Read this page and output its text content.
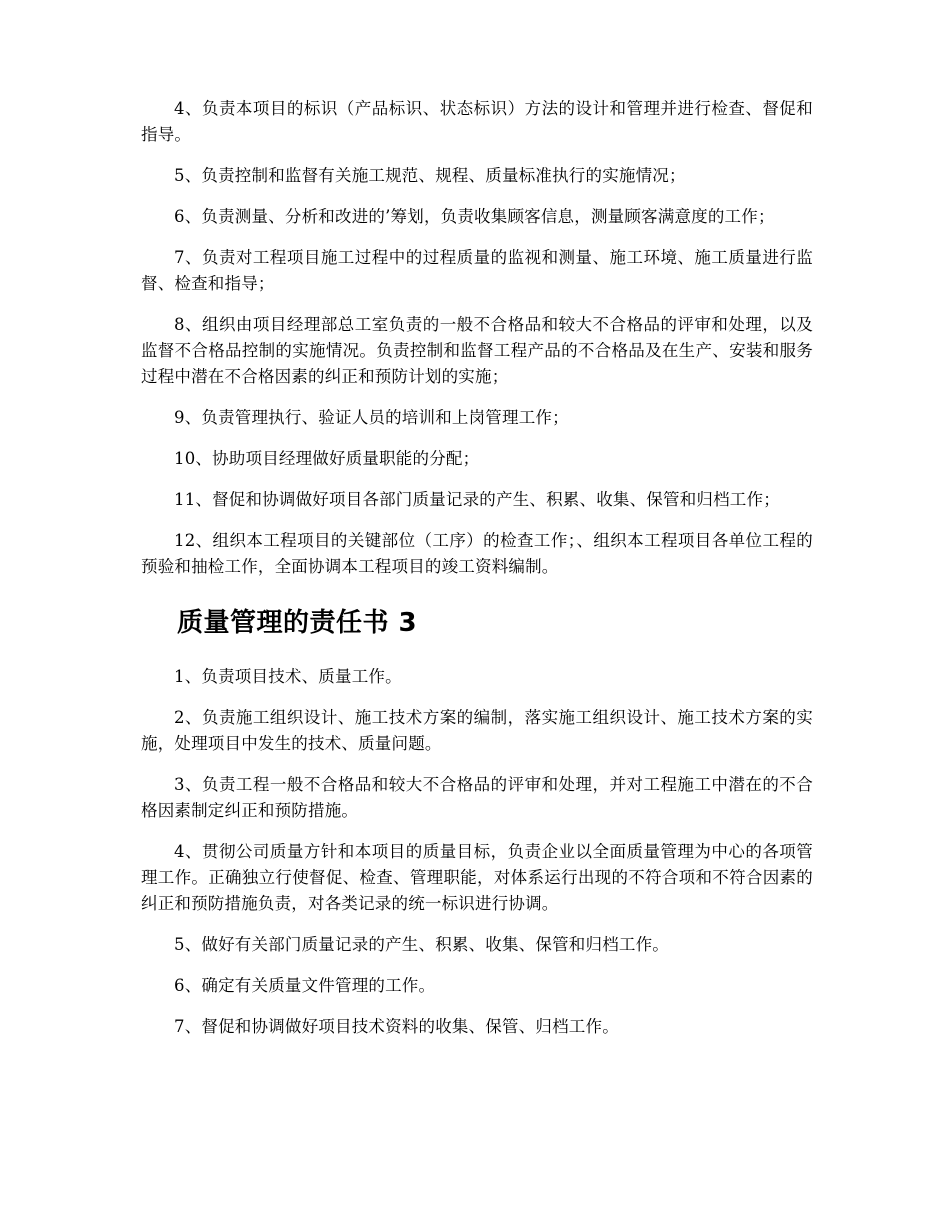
4、负责本项目的标识（产品标识、状态标识）方法的设计和管理并进行检查、督促和指导。

5、负责控制和监督有关施工规范、规程、质量标准执行的实施情况；

6、负责测量、分析和改进的’筹划，负责收集顾客信息，测量顾客满意度的工作；

7、负责对工程项目施工过程中的过程质量的监视和测量、施工环境、施工质量进行监督、检查和指导；

8、组织由项目经理部总工室负责的一般不合格品和较大不合格品的评审和处理，以及监督不合格品控制的实施情况。负责控制和监督工程产品的不合格品及在生产、安装和服务过程中潜在不合格因素的纠正和预防计划的实施；

9、负责管理执行、验证人员的培训和上岗管理工作；

10、协助项目经理做好质量职能的分配；

11、督促和协调做好项目各部门质量记录的产生、积累、收集、保管和归档工作；

12、组织本工程项目的关键部位（工序）的检查工作；、组织本工程项目各单位工程的预验和抽检工作，全面协调本工程项目的竣工资料编制。

质量管理的责任书 3

1、负责项目技术、质量工作。

2、负责施工组织设计、施工技术方案的编制，落实施工组织设计、施工技术方案的实施，处理项目中发生的技术、质量问题。

3、负责工程一般不合格品和较大不合格品的评审和处理，并对工程施工中潜在的不合格因素制定纠正和预防措施。

4、贯彻公司质量方针和本项目的质量目标，负责企业以全面质量管理为中心的各项管理工作。正确独立行使督促、检查、管理职能，对体系运行出现的不符合项和不符合因素的纠正和预防措施负责，对各类记录的统一标识进行协调。

5、做好有关部门质量记录的产生、积累、收集、保管和归档工作。

6、确定有关质量文件管理的工作。

7、督促和协调做好项目技术资料的收集、保管、归档工作。
